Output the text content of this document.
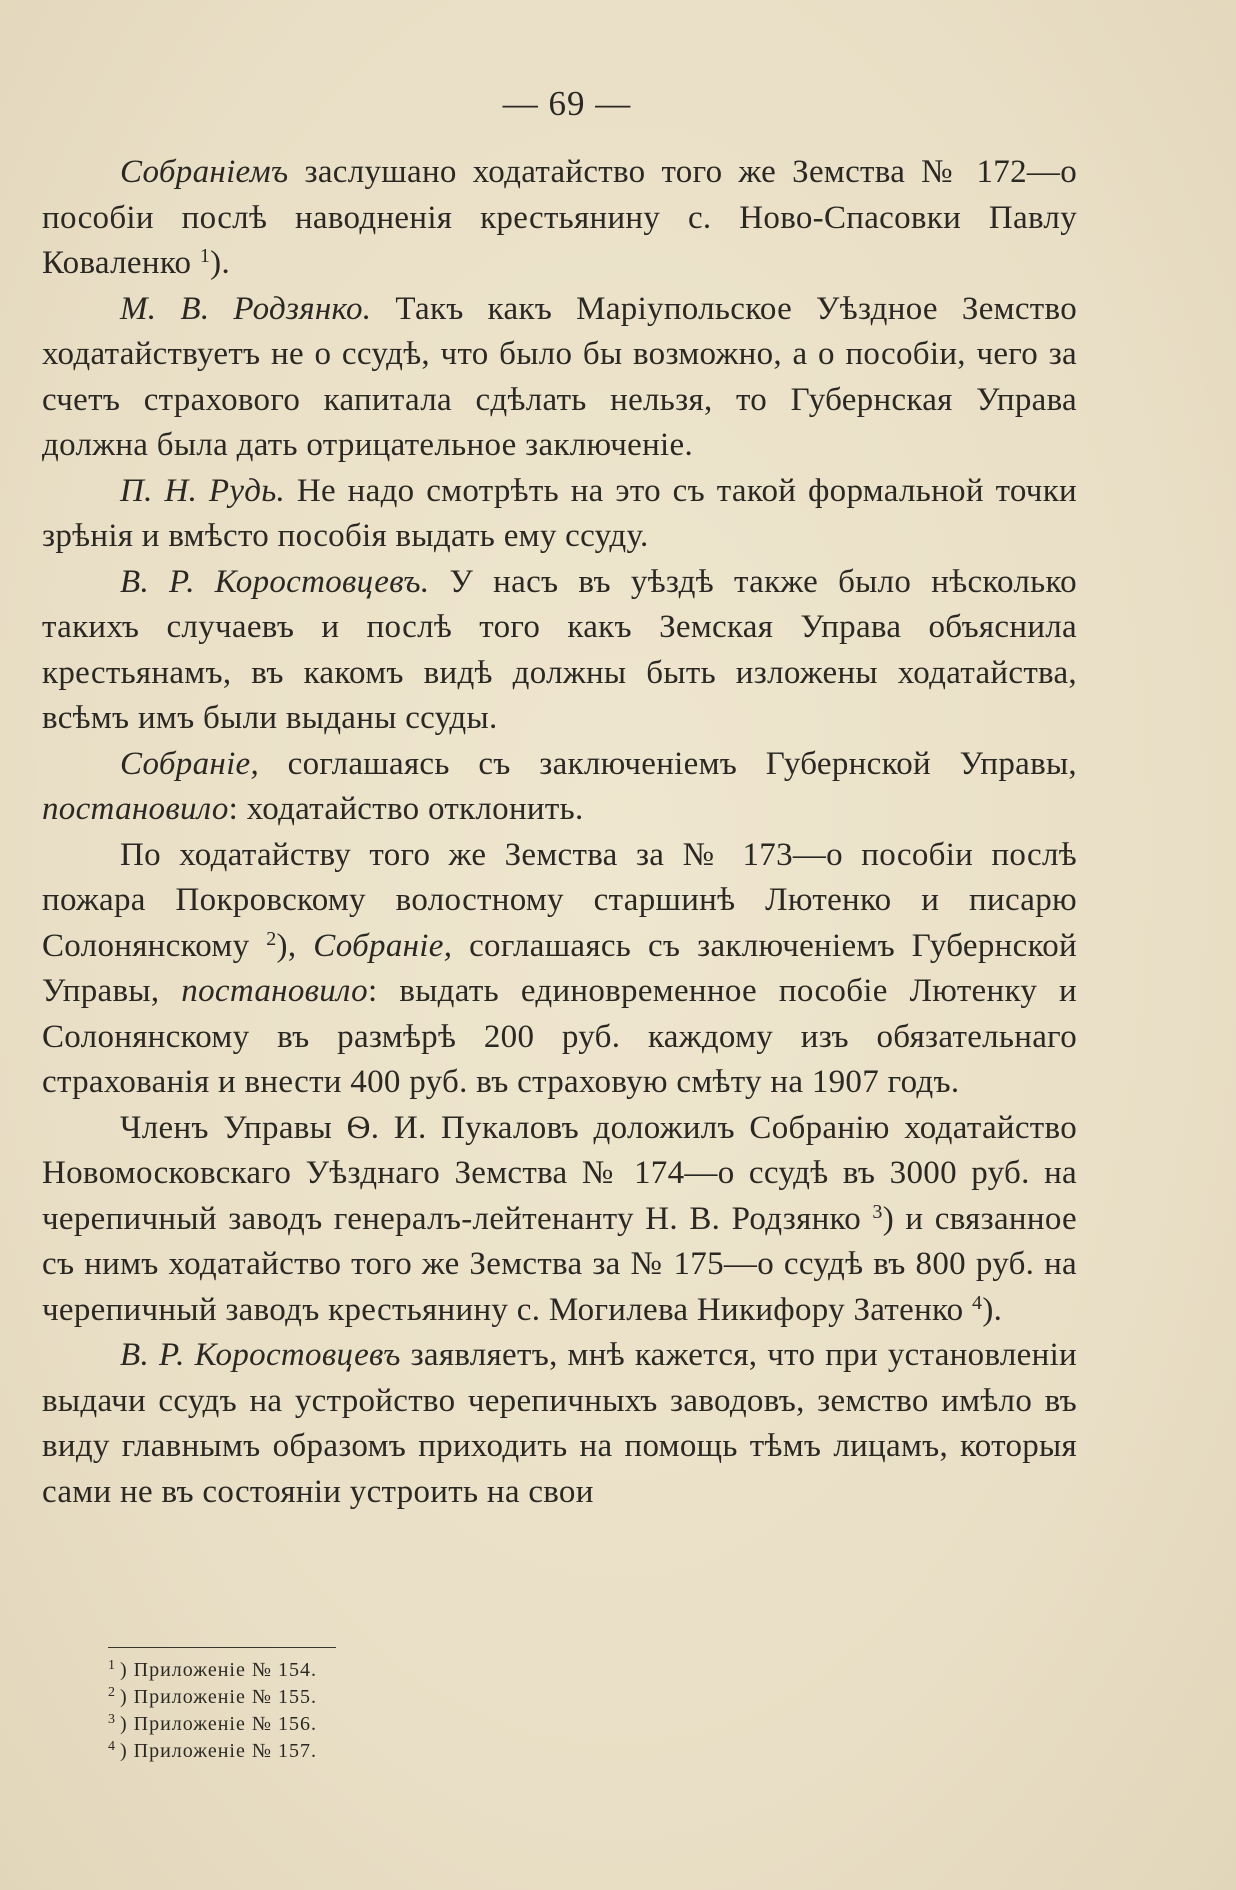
— 69 —

Собраніемъ заслушано ходатайство того же Земства № 172—о пособіи послѣ наводненія крестьянину с. Ново-Спасовки Павлу Коваленко $^1$).

М. В. Родзянко. Такъ какъ Маріупольское Уѣздное Земство ходатайствуетъ не о ссудѣ, что было бы возможно, а о пособіи, чего за счетъ страхового капитала сдѣлать нельзя, то Губернская Управа должна была дать отрицательное заключеніе.

П. Н. Рудь. Не надо смотрѣть на это съ такой формальной точки зрѣнія и вмѣсто пособія выдать ему ссуду.

В. Р. Коростовцевъ. У насъ въ уѣздѣ также было нѣсколько такихъ случаевъ и послѣ того какъ Земская Управа объяснила крестьянамъ, въ какомъ видѣ должны быть изложены ходатайства, всѣмъ имъ были выданы ссуды.

Собраніе, соглашаясь съ заключеніемъ Губернской Управы, постановило: ходатайство отклонить.

По ходатайству того же Земства за № 173—о пособіи послѣ пожара Покровскому волостному старшинѣ Лютенко и писарю Солонянскому $^2$), Собраніе, соглашаясь съ заключеніемъ Губернской Управы, постановило: выдать единовременное пособіе Лютенку и Солонянскому въ размѣрѣ 200 руб. каждому изъ обязательнаго страхованія и внести 400 руб. въ страховую смѣту на 1907 годъ.

Членъ Управы Ѳ. И. Пукаловъ доложилъ Собранію ходатайство Новомосковскаго Уѣзднаго Земства № 174—о ссудѣ въ 3000 руб. на черепичный заводъ генералъ-лейтенанту Н. В. Родзянко $^3$) и связанное съ нимъ ходатайство того же Земства за № 175—о ссудѣ въ 800 руб. на черепичный заводъ крестьянину с. Могилева Никифору Затенко $^4$).

В. Р. Коростовцевъ заявляетъ, мнѣ кажется, что при установленіи выдачи ссудъ на устройство черепичныхъ заводовъ, земство имѣло въ виду главнымъ образомъ приходить на помощь тѣмъ лицамъ, которыя сами не въ состояніи устроить на свои

$^1$ ) Приложеніе № 154.
$^2$ ) Приложеніе № 155.
$^3$ ) Приложеніе № 156.
$^4$ ) Приложеніе № 157.
